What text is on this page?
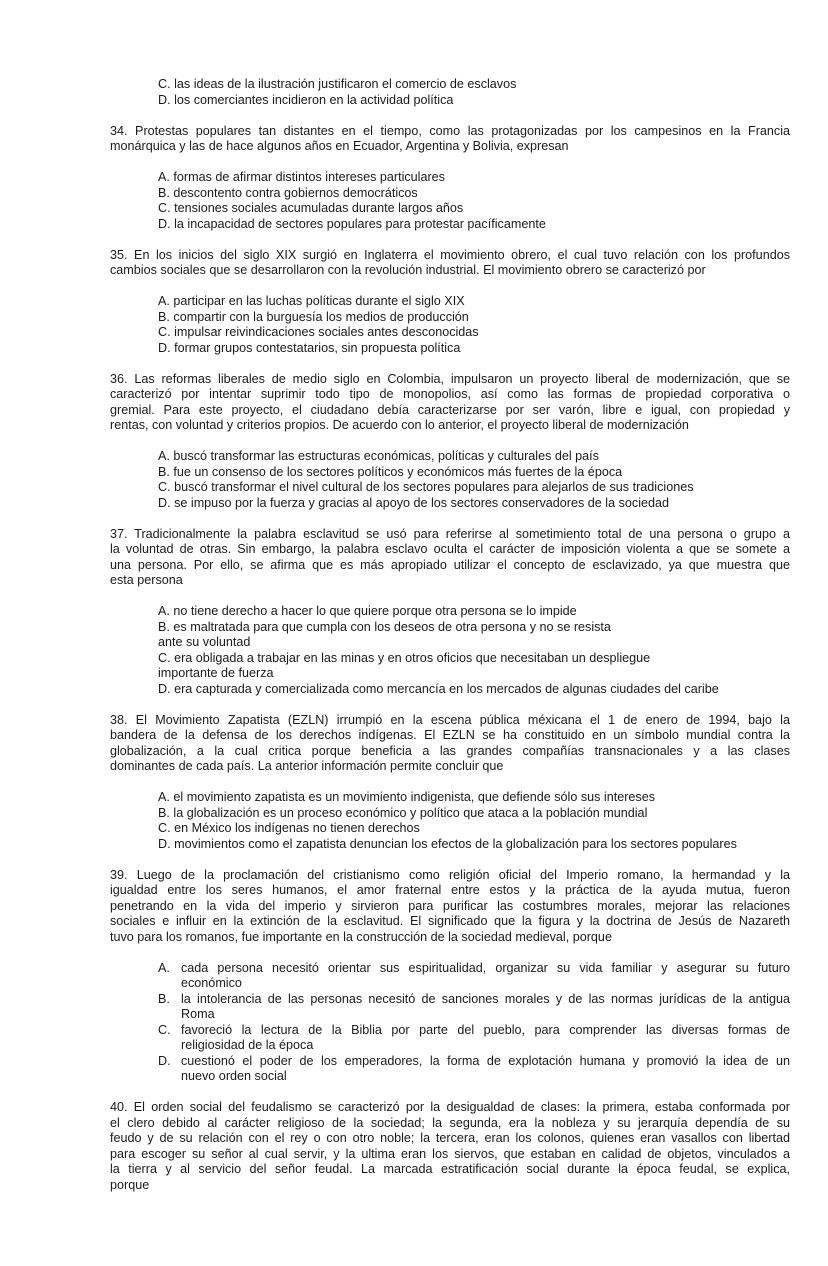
C. las ideas de la ilustración justificaron el comercio de esclavos
D. los comerciantes incidieron en la actividad política
34. Protestas populares tan distantes en el tiempo, como las protagonizadas por los campesinos en la Francia
monárquica y las de hace algunos años en Ecuador, Argentina y Bolivia, expresan
A. formas de afirmar distintos intereses particulares
B. descontento contra gobiernos democráticos
C. tensiones sociales acumuladas durante largos años
D. la incapacidad de sectores populares para protestar pacíficamente
35. En los inicios del siglo XIX surgió en Inglaterra el movimiento obrero, el cual tuvo relación con los profundos
cambios sociales que se desarrollaron con la revolución industrial. El movimiento obrero se caracterizó por
A. participar en las luchas políticas durante el siglo XIX
B. compartir con la burguesía los medios de producción
C. impulsar reivindicaciones sociales antes desconocidas
D. formar grupos contestatarios, sin propuesta política
36. Las reformas liberales de medio siglo en Colombia, impulsaron un proyecto liberal de modernización, que se
caracterizó por intentar suprimir todo tipo de monopolios, así como las formas de propiedad corporativa o
gremial. Para este proyecto, el ciudadano debía caracterizarse por ser varón, libre e igual, con propiedad y
rentas, con voluntad y criterios propios. De acuerdo con lo anterior, el proyecto liberal de modernización
A. buscó transformar las estructuras económicas, políticas y culturales del país
B. fue un consenso de los sectores políticos y económicos más fuertes de la época
C. buscó transformar el nivel cultural de los sectores populares para alejarlos de sus tradiciones
D. se impuso por la fuerza y gracias al apoyo de los sectores conservadores de la sociedad
37. Tradicionalmente la palabra esclavitud se usó para referirse al sometimiento total de una persona o grupo a
la voluntad de otras. Sin embargo, la palabra esclavo oculta el carácter de imposición violenta a que se somete a
una persona. Por ello, se afirma que es más apropiado utilizar el concepto de esclavizado, ya que muestra que
esta persona
A. no tiene derecho a hacer lo que quiere porque otra persona se lo impide
B. es maltratada para que cumpla con los deseos de otra persona y no se resista
ante su voluntad
C. era obligada a trabajar en las minas y en otros oficios que necesitaban un despliegue
importante de fuerza
D. era capturada y comercializada como mercancía en los mercados de algunas ciudades del caribe
38. El Movimiento Zapatista (EZLN) irrumpió en la escena pública méxicana el 1 de enero de 1994, bajo la
bandera de la defensa de los derechos indígenas. El EZLN se ha constituido en un símbolo mundial contra la
globalización, a la cual critica porque beneficia a las grandes compañías transnacionales y a las clases
dominantes de cada país. La anterior información permite concluir que
A. el movimiento zapatista es un movimiento indigenista, que defiende sólo sus intereses
B. la globalización es un proceso económico y político que ataca a la población mundial
C. en México los indígenas no tienen derechos
D. movimientos como el zapatista denuncian los efectos de la globalización para los sectores populares
39. Luego de la proclamación del cristianismo como religión oficial del Imperio romano, la hermandad y la
igualdad entre los seres humanos, el amor fraternal entre estos y la práctica de la ayuda mutua, fueron
penetrando en la vida del imperio y sirvieron para purificar las costumbres morales, mejorar las relaciones
sociales e influir en la extinción de la esclavitud. El significado que la figura y la doctrina de Jesús de Nazareth
tuvo para los romanos, fue importante en la construcción de la sociedad medieval, porque
A. cada persona necesitó orientar sus espiritualidad, organizar su vida familiar y asegurar su futuro
económico
B. la intolerancia de las personas necesitó de sanciones morales y de las normas jurídicas de la antigua
Roma
C. favoreció la lectura de la Biblia por parte del pueblo, para comprender las diversas formas de
religiosidad de la época
D. cuestionó el poder de los emperadores, la forma de explotación humana y promovió la idea de un
nuevo orden social
40. El orden social del feudalismo se caracterizó por la desigualdad de clases: la primera, estaba conformada por
el clero debido al carácter religioso de la sociedad; la segunda, era la nobleza y su jerarquía dependía de su
feudo y de su relación con el rey o con otro noble; la tercera, eran los colonos, quienes eran vasallos con libertad
para escoger su señor al cual servir, y la ultima eran los siervos, que estaban en calidad de objetos, vinculados a
la tierra y al servicio del señor feudal. La marcada estratificación social durante la época feudal, se explica,
porque
